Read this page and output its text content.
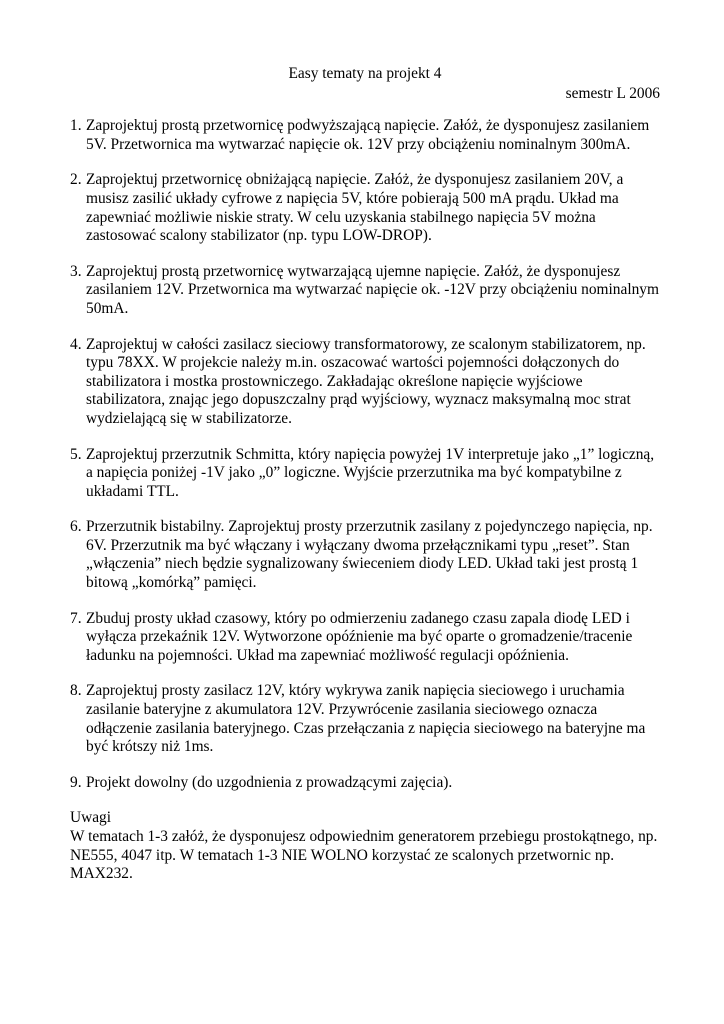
Easy tematy na projekt 4

semestr L 2006

1. Zaprojektuj prostą przetwornicę podwyższającą napięcie. Załóż, że dysponujesz zasilaniem 5V. Przetwornica ma wytwarzać napięcie ok. 12V przy obciążeniu nominalnym 300mA.
2. Zaprojektuj przetwornicę obniżającą napięcie. Załóż, że dysponujesz zasilaniem 20V, a musisz zasilić układy cyfrowe z napięcia 5V, które pobierają 500 mA prądu. Układ ma zapewniać możliwie niskie straty. W celu uzyskania stabilnego napięcia 5V można zastosować scalony stabilizator (np. typu LOW-DROP).
3. Zaprojektuj prostą przetwornicę wytwarzającą ujemne napięcie. Załóż, że dysponujesz zasilaniem 12V. Przetwornica ma wytwarzać napięcie ok. -12V przy obciążeniu nominalnym 50mA.
4. Zaprojektuj w całości zasilacz sieciowy transformatorowy, ze scalonym stabilizatorem, np. typu 78XX. W projekcie należy m.in. oszacować wartości pojemności dołączonych do stabilizatora i mostka prostowniczego. Zakładając określone napięcie wyjściowe stabilizatora, znając jego dopuszczalny prąd wyjściowy, wyznacz maksymalną moc strat wydzielającą się w stabilizatorze.
5. Zaprojektuj przerzutnik Schmitta, który napięcia powyżej 1V interpretuje jako „1” logiczną, a napięcia poniżej -1V jako „0” logiczne. Wyjście przerzutnika ma być kompatybilne z układami TTL.
6. Przerzutnik bistabilny. Zaprojektuj prosty przerzutnik zasilany z pojedynczego napięcia, np. 6V. Przerzutnik ma być włączany i wyłączany dwoma przełącznikami typu „reset”. Stan „włączenia” niech będzie sygnalizowany świeceniem diody LED. Układ taki jest prostą 1 bitową „komórką” pamięci.
7. Zbuduj prosty układ czasowy, który po odmierzeniu zadanego czasu zapala diodę LED i wyłącza przekaźnik 12V. Wytworzone opóźnienie ma być oparte o gromadzenie/tracenie ładunku na pojemności. Układ ma zapewniać możliwość regulacji opóźnienia.
8. Zaprojektuj prosty zasilacz 12V, który wykrywa zanik napięcia sieciowego i uruchamia zasilanie bateryjne z akumulatora 12V. Przywrócenie zasilania sieciowego oznacza odłączenie zasilania bateryjnego. Czas przełączania z napięcia sieciowego na bateryjne ma być krótszy niż 1ms.
9. Projekt dowolny (do uzgodnienia z prowadzącymi zajęcia).

Uwagi

W tematach 1-3 załóż, że dysponujesz odpowiednim generatorem przebiegu prostokątnego, np. NE555, 4047 itp. W tematach 1-3 NIE WOLNO korzystać ze scalonych przetwornic np. MAX232.
